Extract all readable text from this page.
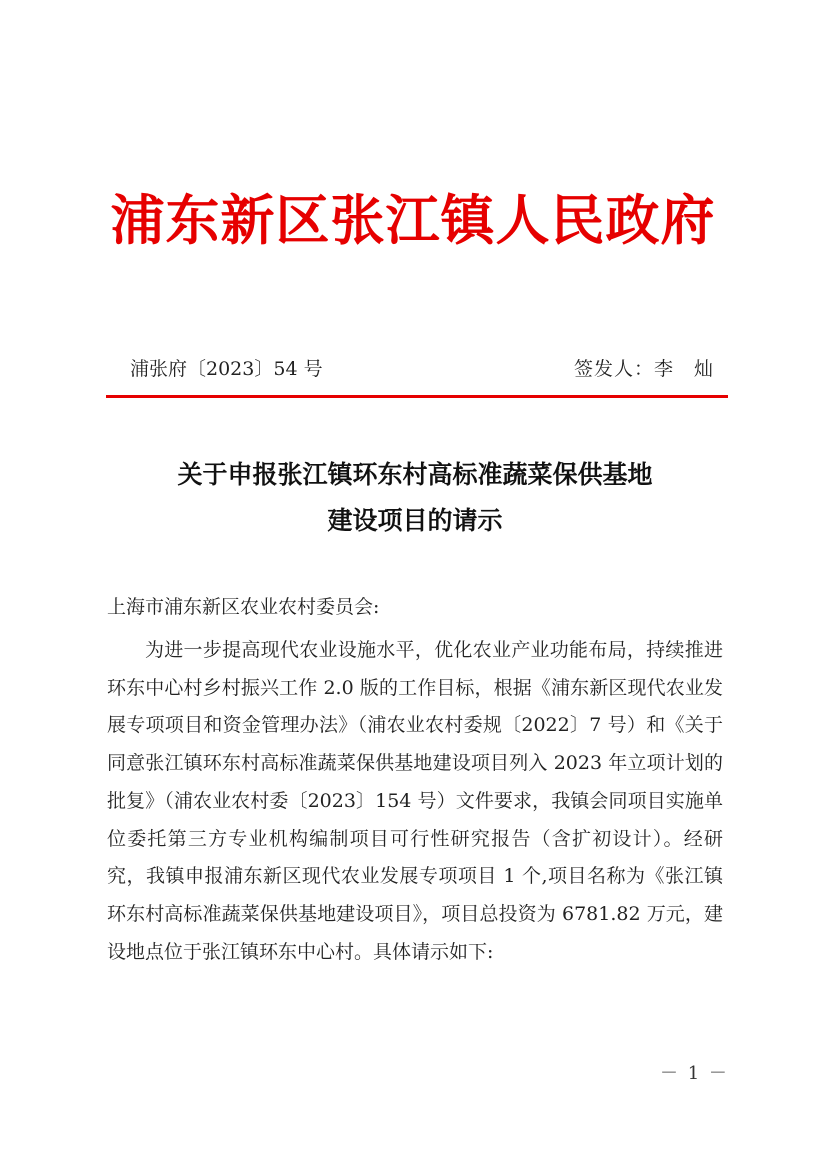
浦东新区张江镇人民政府
浦张府〔2023〕54 号	签发人：李　灿
关于申报张江镇环东村高标准蔬菜保供基地
建设项目的请示
上海市浦东新区农业农村委员会:

为进一步提高现代农业设施水平，优化农业产业功能布局，持续推进环东中心村乡村振兴工作 2.0 版的工作目标，根据《浦东新区现代农业发展专项项目和资金管理办法》（浦农业农村委规〔2022〕7 号）和《关于同意张江镇环东村高标准蔬菜保供基地建设项目列入 2023 年立项计划的批复》（浦农业农村委〔2023〕154 号）文件要求，我镇会同项目实施单位委托第三方专业机构编制项目可行性研究报告（含扩初设计）。经研究，我镇申报浦东新区现代农业发展专项项目 1 个,项目名称为《张江镇环东村高标准蔬菜保供基地建设项目》，项目总投资为 6781.82 万元，建设地点位于张江镇环东中心村。具体请示如下:

－ 1 －
